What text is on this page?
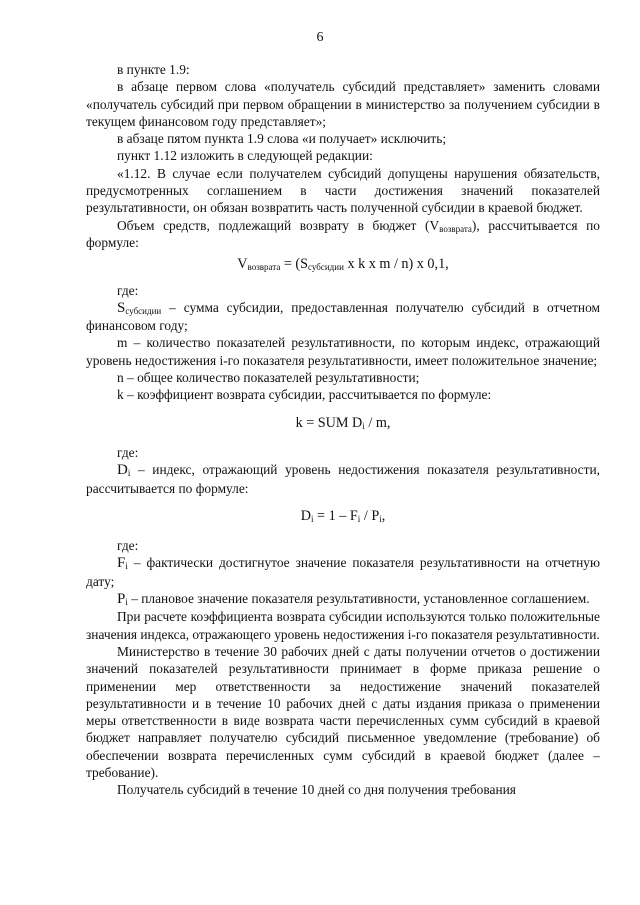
6

в пункте 1.9:

в абзаце первом слова «получатель субсидий представляет» заменить словами «получатель субсидий при первом обращении в министерство за получением субсидии в текущем финансовом году представляет»;

в абзаце пятом пункта 1.9 слова «и получает» исключить;

пункт 1.12 изложить в следующей редакции:

«1.12. В случае если получателем субсидий допущены нарушения обязательств, предусмотренных соглашением в части достижения значений показателей результативности, он обязан возвратить часть полученной субсидии в краевой бюджет.

Объем средств, подлежащий возврату в бюджет $(V_{возврата})$, рассчитывается по формуле:

$V_{возврата} = (S_{субсидии}$ x k x m / n) x 0,1,

где:

$S_{субсидии}$ – сумма субсидии, предоставленная получателю субсидий в отчетном финансовом году;

m – количество показателей результативности, по которым индекс, отражающий уровень недостижения i-го показателя результативности, имеет положительное значение;

n – общее количество показателей результативности;

k – коэффициент возврата субсидии, рассчитывается по формуле:

k = SUM $D_i$ / m,

где:

$D_i$ – индекс, отражающий уровень недостижения показателя результативности, рассчитывается по формуле:

$D_i = 1 - F_i / P_i$,

где:

$F_i$ – фактически достигнутое значение показателя результативности на отчетную дату;

$P_i$ – плановое значение показателя результативности, установленное соглашением.

При расчете коэффициента возврата субсидии используются только положительные значения индекса, отражающего уровень недостижения i-го показателя результативности.

Министерство в течение 30 рабочих дней с даты получении отчетов о достижении значений показателей результативности принимает в форме приказа решение о применении мер ответственности за недостижение значений показателей результативности и в течение 10 рабочих дней с даты издания приказа о применении меры ответственности в виде возврата части перечисленных сумм субсидий в краевой бюджет направляет получателю субсидий письменное уведомление (требование) об обеспечении возврата перечисленных сумм субсидий в краевой бюджет (далее – требование).

Получатель субсидий в течение 10 дней со дня получения требования
